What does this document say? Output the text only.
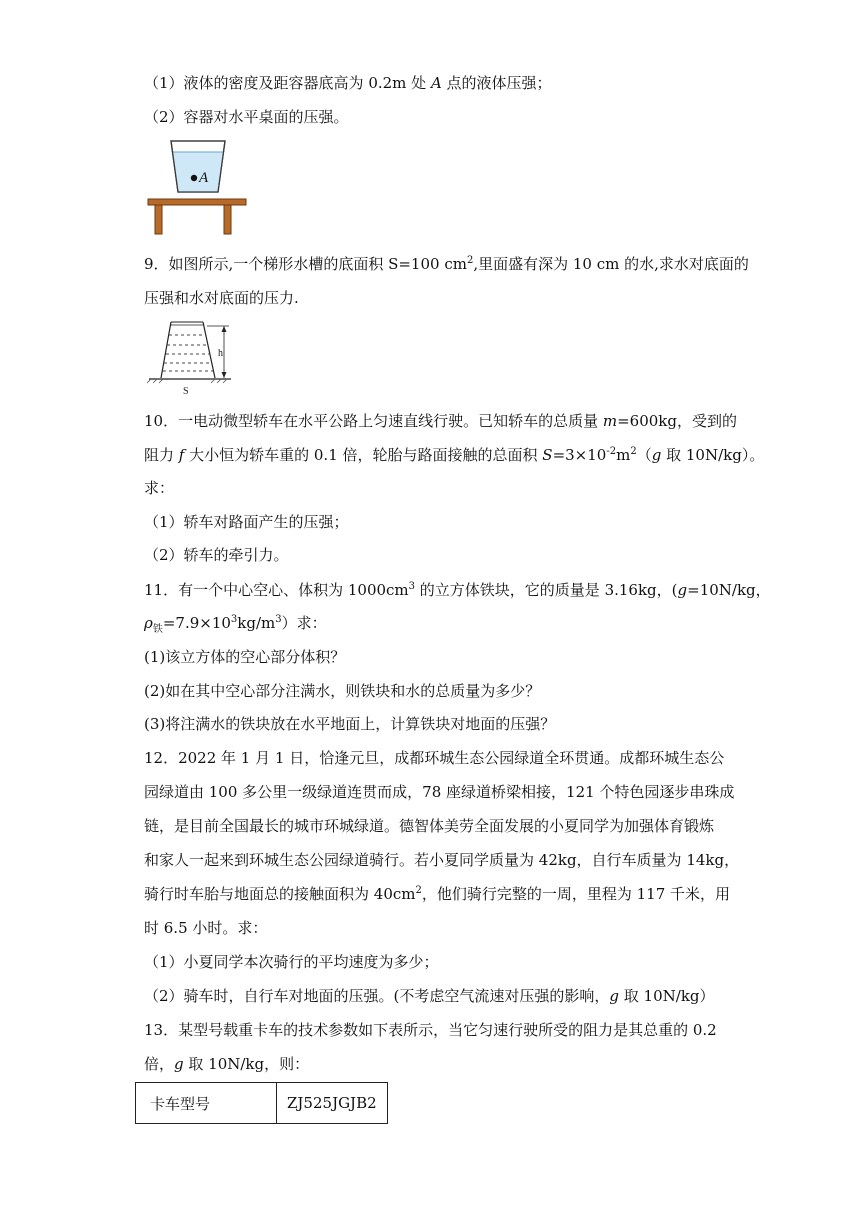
（1）液体的密度及距容器底高为 0.2m 处 A 点的液体压强；
（2）容器对水平桌面的压强。
A
9．如图所示,一个梯形水槽的底面积 S=100 $cm^2$,里面盛有深为 10 cm 的水,求水对底面的
压强和水对底面的压力.
h
S
10．一电动微型轿车在水平公路上匀速直线行驶。已知轿车的总质量 m=600kg，受到的
阻力 f 大小恒为轿车重的 0.1 倍，轮胎与路面接触的总面积 $S=3\times 10^{-2}m^2(g$ 取 10N/kg）。
求：
（1）轿车对路面产生的压强；
（2）轿车的牵引力。
11．有一个中心空心、体积为 $1000cm^3$ 的立方体铁块，它的质量是 3.16kg，(g=10N/kg，
$\rho_铁=7.9\times 10^3kg/m^3$）求：
(1)该立方体的空心部分体积？
(2)如在其中空心部分注满水，则铁块和水的总质量为多少？
(3)将注满水的铁块放在水平地面上，计算铁块对地面的压强？
12．2022 年 1 月 1 日，恰逢元旦，成都环城生态公园绿道全环贯通。成都环城生态公
园绿道由 100 多公里一级绿道连贯而成，78 座绿道桥梁相接，121 个特色园逐步串珠成
链，是目前全国最长的城市环城绿道。德智体美劳全面发展的小夏同学为加强体育锻炼
和家人一起来到环城生态公园绿道骑行。若小夏同学质量为 42kg，自行车质量为 14kg，
骑行时车胎与地面总的接触面积为 $40cm^2$，他们骑行完整的一周，里程为 117 千米，用
时 6.5 小时。求：
（1）小夏同学本次骑行的平均速度为多少；
（2）骑车时，自行车对地面的压强。(不考虑空气流速对压强的影响，g 取 10N/kg）
13．某型号载重卡车的技术参数如下表所示，当它匀速行驶所受的阻力是其总重的 0.2
倍，g 取 10N/kg，则：
卡车型号	ZJ525JGJB2
